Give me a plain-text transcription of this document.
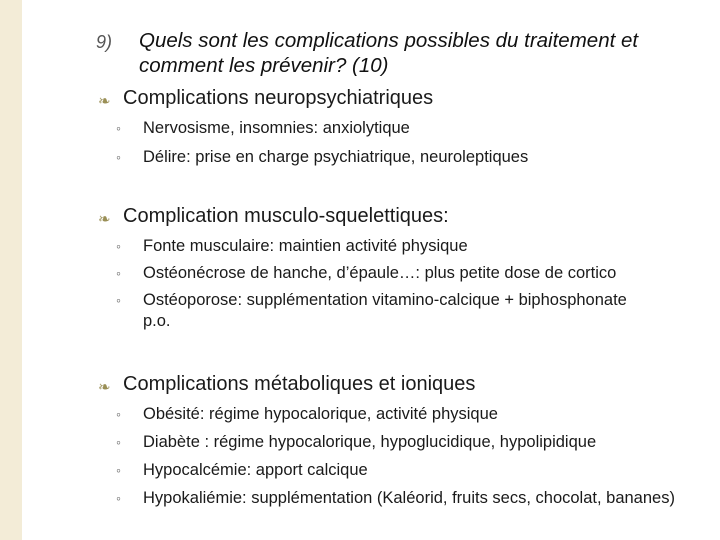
9) Quels sont les complications possibles du traitement et comment les prévenir? (10)
❧ Complications neuropsychiatriques
◦ Nervosisme, insomnies: anxiolytique
◦ Délire: prise en charge psychiatrique, neuroleptiques
❧ Complication musculo-squelettiques:
◦ Fonte musculaire: maintien activité physique
◦ Ostéonécrose de hanche, d’épaule…: plus petite dose de cortico
◦ Ostéoporose: supplémentation vitamino-calcique + biphosphonate p.o.
❧ Complications métaboliques et ioniques
◦ Obésité: régime hypocalorique, activité physique
◦ Diabète : régime hypocalorique, hypoglucidique, hypolipidique
◦ Hypocalcémie: apport calcique
◦ Hypokaliémie: supplémentation (Kaléorid, fruits secs, chocolat, bananes)
